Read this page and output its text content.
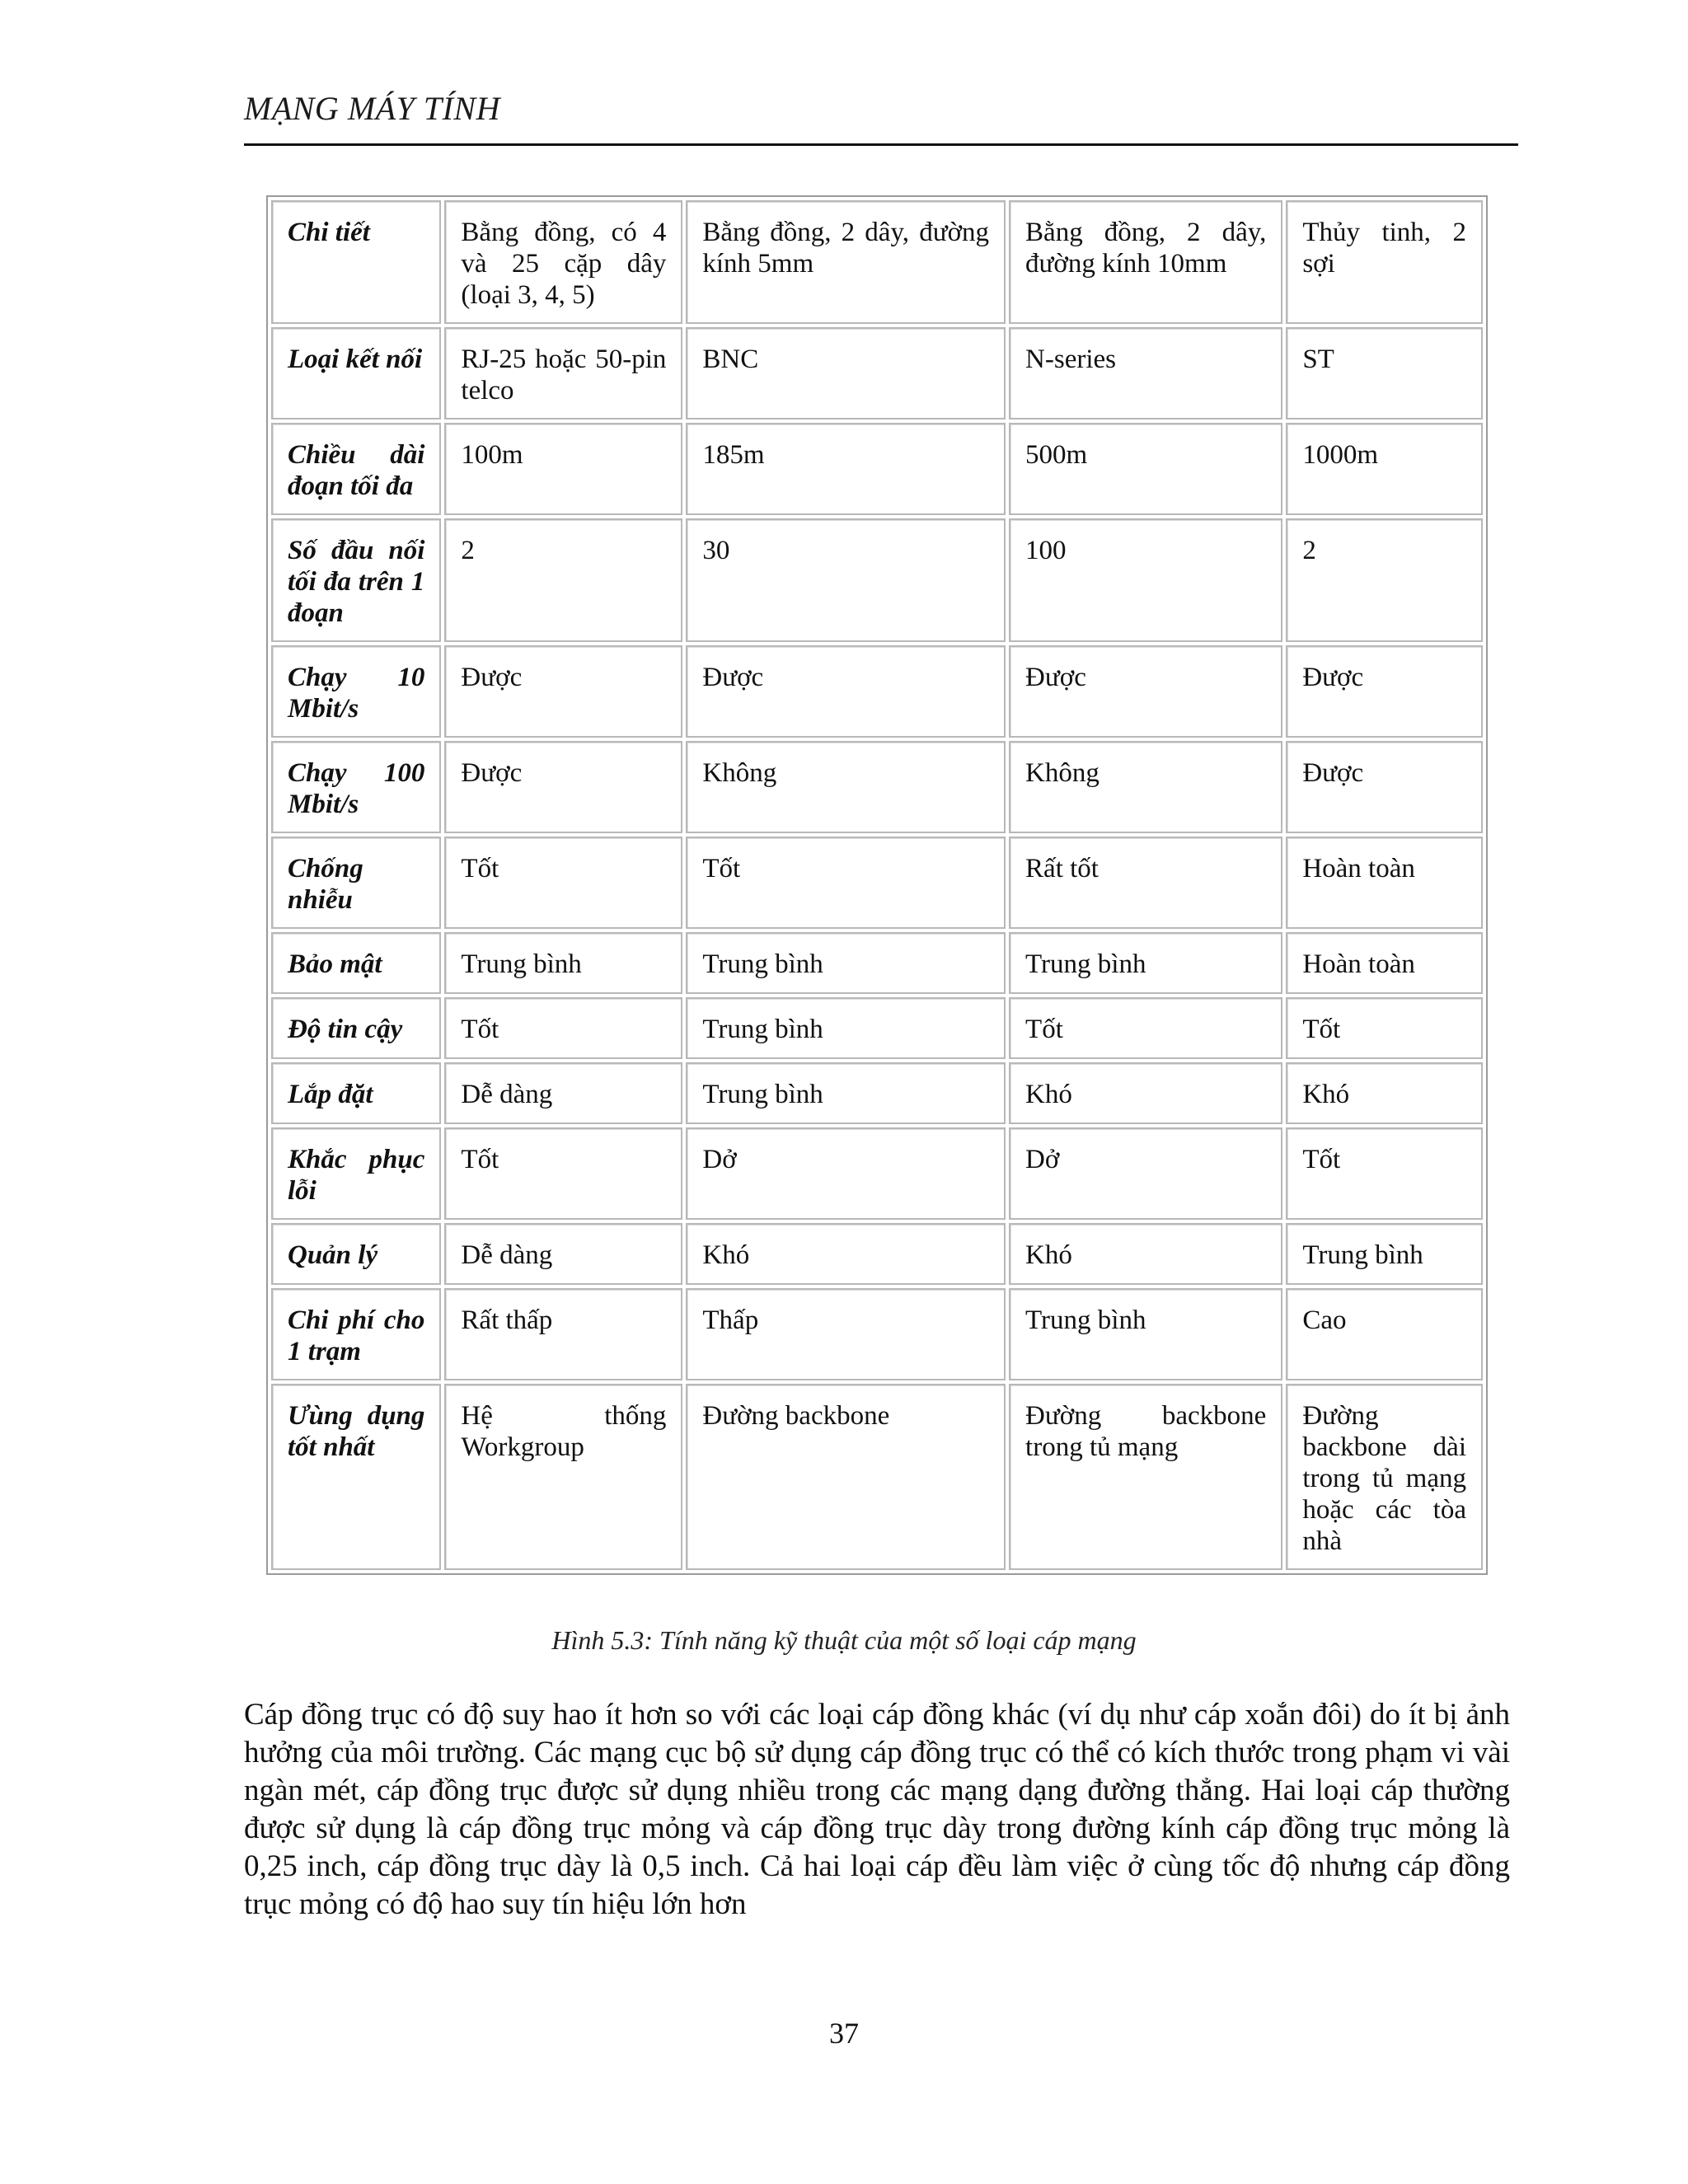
MẠNG MÁY TÍNH
Chi tiết	Bằng đồng, có 4 và 25 cặp dây (loại 3, 4, 5)	Bằng đồng, 2 dây, đường kính 5mm	Bằng đồng, 2 dây, đường kính 10mm	Thủy tinh, 2 sợi
Loại kết nối	RJ-25 hoặc 50-pin telco	BNC	N-series	ST
Chiều dài đoạn tối đa	100m	185m	500m	1000m
Số đầu nối tối đa trên 1 đoạn	2	30	100	2
Chạy 10 Mbit/s	Được	Được	Được	Được
Chạy 100 Mbit/s	Được	Không	Không	Được
Chống nhiễu	Tốt	Tốt	Rất tốt	Hoàn toàn
Bảo mật	Trung bình	Trung bình	Trung bình	Hoàn toàn
Độ tin cậy	Tốt	Trung bình	Tốt	Tốt
Lắp đặt	Dễ dàng	Trung bình	Khó	Khó
Khắc phục lỗi	Tốt	Dở	Dở	Tốt
Quản lý	Dễ dàng	Khó	Khó	Trung bình
Chi phí cho 1 trạm	Rất thấp	Thấp	Trung bình	Cao
Ưùng dụng tốt nhất	Hệ thống Workgroup	Đường backbone	Đường backbone trong tủ mạng	Đường backbone dài trong tủ mạng hoặc các tòa nhà
Hình 5.3: Tính năng kỹ thuật của một số loại cáp mạng

Cáp đồng trục có độ suy hao ít hơn so với các loại cáp đồng khác (ví dụ như cáp xoắn đôi) do ít bị ảnh hưởng của môi trường. Các mạng cục bộ sử dụng cáp đồng trục có thể có kích thước trong phạm vi vài ngàn mét, cáp đồng trục được sử dụng nhiều trong các mạng dạng đường thẳng. Hai loại cáp thường được sử dụng là cáp đồng trục mỏng và cáp đồng trục dày trong đường kính cáp đồng trục mỏng là 0,25 inch, cáp đồng trục dày là 0,5 inch. Cả hai loại cáp đều làm việc ở cùng tốc độ nhưng cáp đồng trục mỏng có độ hao suy tín hiệu lớn hơn

37
